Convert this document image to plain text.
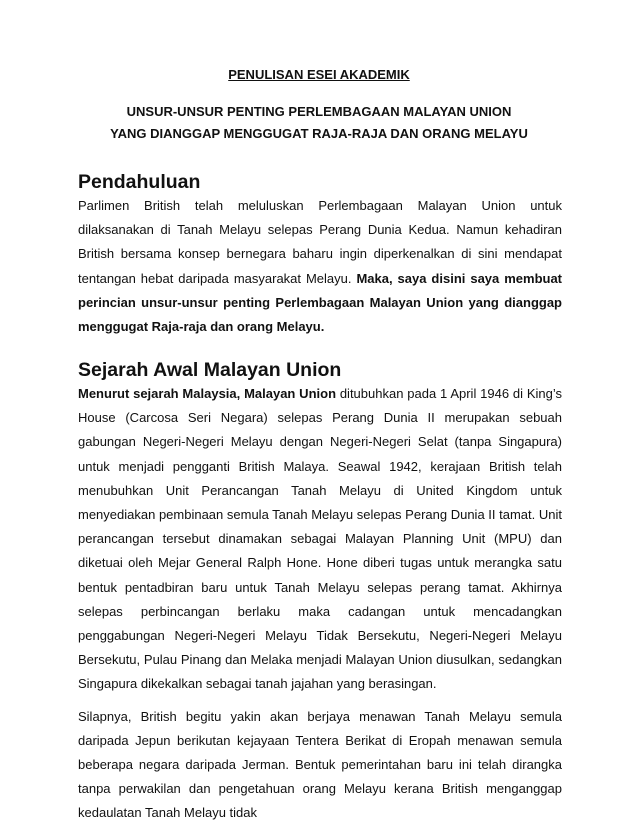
PENULISAN ESEI AKADEMIK
UNSUR-UNSUR PENTING PERLEMBAGAAN MALAYAN UNION
YANG DIANGGAP MENGGUGAT RAJA-RAJA DAN ORANG MELAYU
Pendahuluan

Parlimen British telah meluluskan Perlembagaan Malayan Union untuk dilaksanakan di Tanah Melayu selepas Perang Dunia Kedua. Namun kehadiran British bersama konsep bernegara baharu ingin diperkenalkan di sini mendapat tentangan hebat daripada masyarakat Melayu. Maka, saya disini saya membuat perincian unsur-unsur penting Perlembagaan Malayan Union yang dianggap menggugat Raja-raja dan orang Melayu.

Sejarah Awal Malayan Union

Menurut sejarah Malaysia, Malayan Union ditubuhkan pada 1 April 1946 di King’s House (Carcosa Seri Negara) selepas Perang Dunia II merupakan sebuah gabungan Negeri-Negeri Melayu dengan Negeri-Negeri Selat (tanpa Singapura) untuk menjadi pengganti British Malaya. Seawal 1942, kerajaan British telah menubuhkan Unit Perancangan Tanah Melayu di United Kingdom untuk menyediakan pembinaan semula Tanah Melayu selepas Perang Dunia II tamat. Unit perancangan tersebut dinamakan sebagai Malayan Planning Unit (MPU) dan diketuai oleh Mejar General Ralph Hone. Hone diberi tugas untuk merangka satu bentuk pentadbiran baru untuk Tanah Melayu selepas perang tamat. Akhirnya selepas perbincangan berlaku maka cadangan untuk mencadangkan penggabungan Negeri-Negeri Melayu Tidak Bersekutu, Negeri-Negeri Melayu Bersekutu, Pulau Pinang dan Melaka menjadi Malayan Union diusulkan, sedangkan Singapura dikekalkan sebagai tanah jajahan yang berasingan.

Silapnya, British begitu yakin akan berjaya menawan Tanah Melayu semula daripada Jepun berikutan kejayaan Tentera Berikat di Eropah menawan semula beberapa negara daripada Jerman. Bentuk pemerintahan baru ini telah dirangka tanpa perwakilan dan pengetahuan orang Melayu kerana British menganggap kedaulatan Tanah Melayu tidak
